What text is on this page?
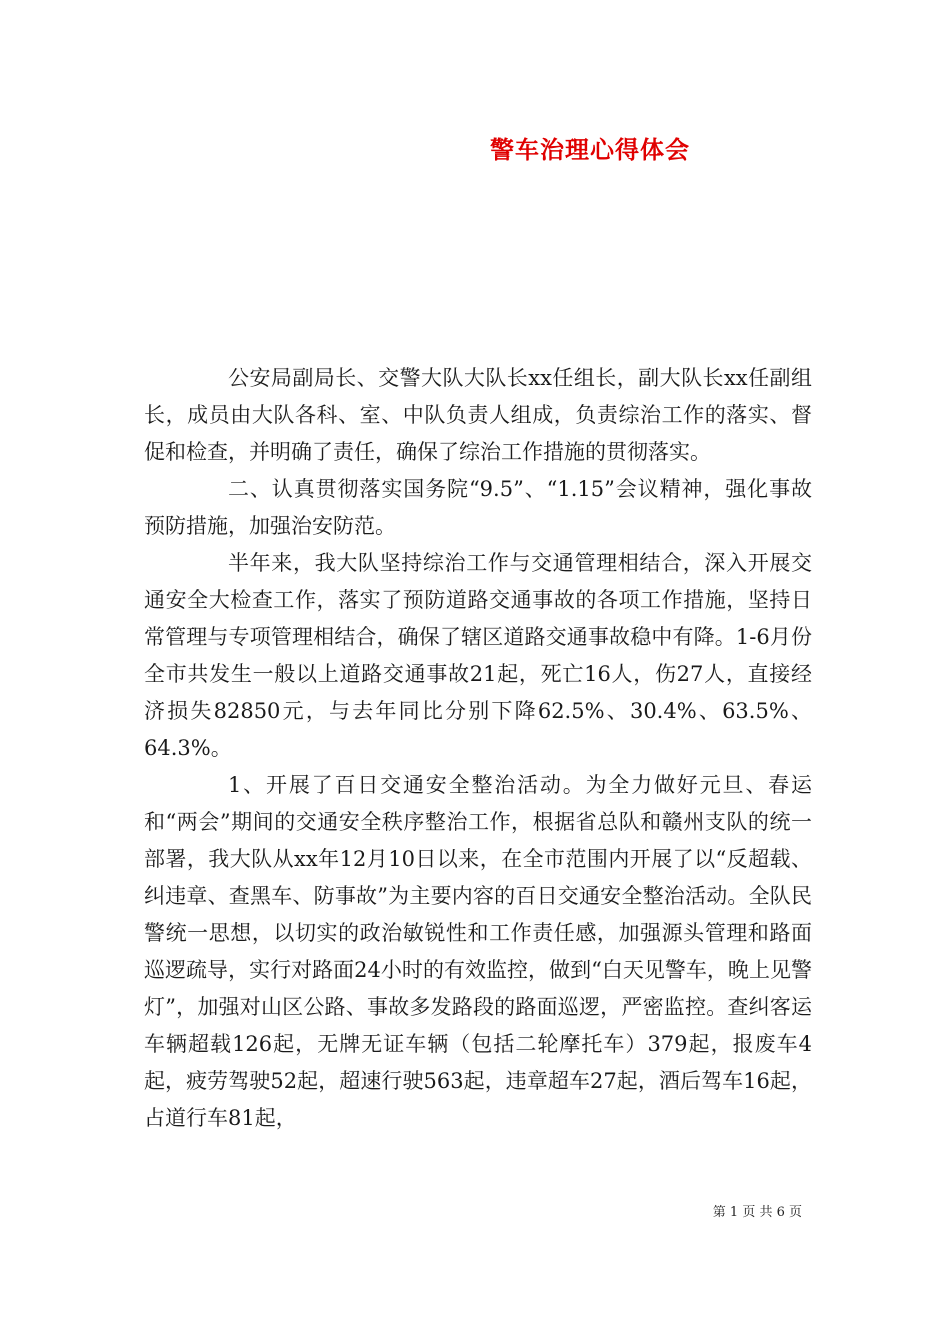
警车治理心得体会

公安局副局长、交警大队大队长xx任组长，副大队长xx任副组长，成员由大队各科、室、中队负责人组成，负责综治工作的落实、督促和检查，并明确了责任，确保了综治工作措施的贯彻落实。

二、认真贯彻落实国务院“9.5”、“1.15”会议精神，强化事故预防措施，加强治安防范。

半年来，我大队坚持综治工作与交通管理相结合，深入开展交通安全大检查工作，落实了预防道路交通事故的各项工作措施，坚持日常管理与专项管理相结合，确保了辖区道路交通事故稳中有降。1-6月份全市共发生一般以上道路交通事故21起，死亡16人，伤27人，直接经济损失82850元，与去年同比分别下降62.5%、30.4%、63.5%、64.3%。

1、开展了百日交通安全整治活动。为全力做好元旦、春运和“两会”期间的交通安全秩序整治工作，根据省总队和赣州支队的统一部署，我大队从xx年12月10日以来，在全市范围内开展了以“反超载、纠违章、查黑车、防事故”为主要内容的百日交通安全整治活动。全队民警统一思想，以切实的政治敏锐性和工作责任感，加强源头管理和路面巡逻疏导，实行对路面24小时的有效监控，做到“白天见警车，晚上见警灯”，加强对山区公路、事故多发路段的路面巡逻，严密监控。查纠客运车辆超载126起，无牌无证车辆（包括二轮摩托车）379起，报废车4起，疲劳驾驶52起，超速行驶563起，违章超车27起，酒后驾车16起，占道行车81起，

第 1 页 共 6 页
